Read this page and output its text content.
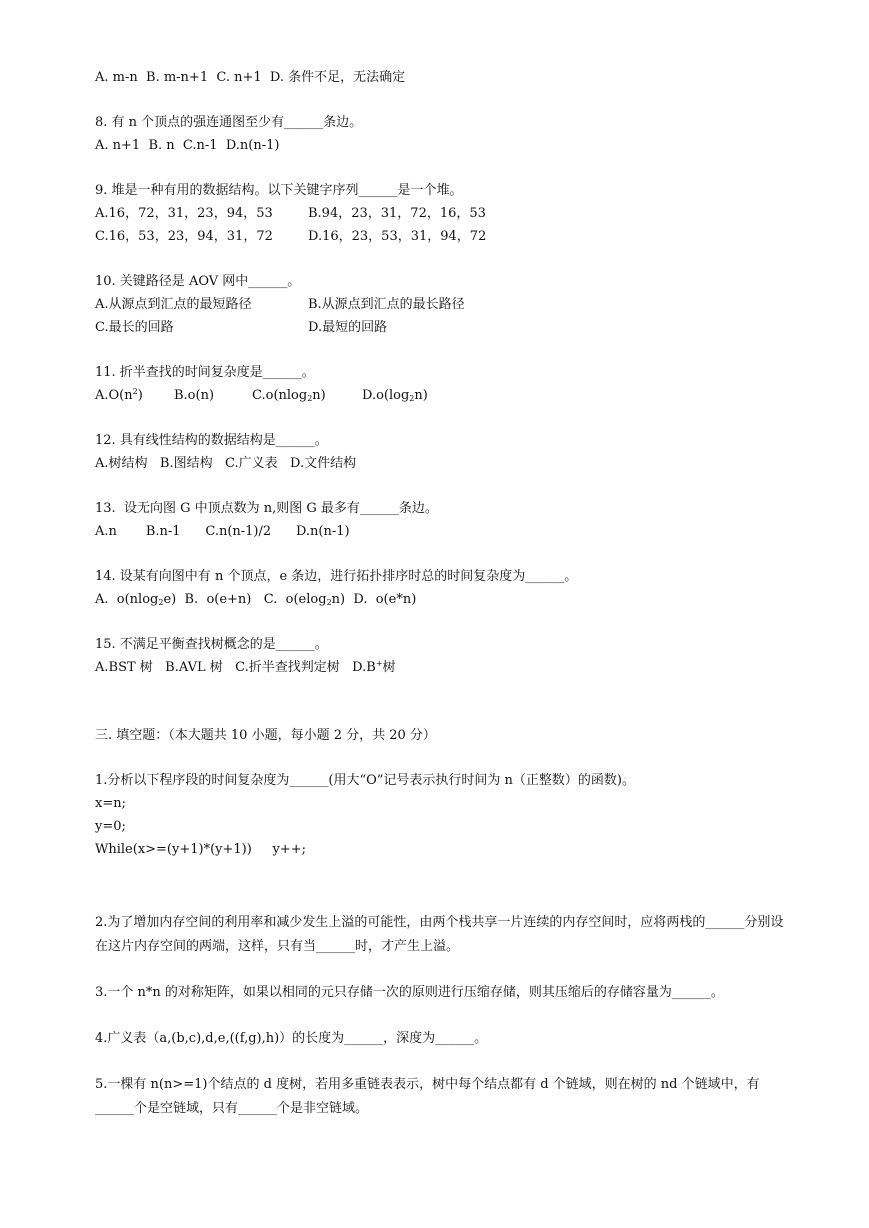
A. m-n  B. m-n+1  C. n+1  D. 条件不足，无法确定
8. 有 n 个顶点的强连通图至少有______条边。
A. n+1  B. n  C.n-1  D.n(n-1)
9. 堆是一种有用的数据结构。以下关键字序列______是一个堆。
A.16，72，31，23，94，53	B.94，23，31，72，16，53
C.16，53，23，94，31，72	D.16，23，53，31，94，72
10. 关键路径是 AOV 网中______。
A.从源点到汇点的最短路径	B.从源点到汇点的最长路径
C.最长的回路	D.最短的回路
11. 折半查找的时间复杂度是______。
$A.O(n^2)$ B.o(n)	C.o(nlog$_2$n)	$D.o(\log_2n)$
12. 具有线性结构的数据结构是______。
A.树结构   B.图结构   C.广义表   D.文件结构
13.  设无向图 G 中顶点数为 n,则图 G 最多有______条边。
A.n       B.n-1      C.n(n-1)/2      D.n(n-1)
14. 设某有向图中有 n 个顶点，e 条边，进行拓扑排序时总的时间复杂度为______。
A.  o(nlog$_2$e)  B.  o(e+n)   C.  o(elog$_2$n)  D.  o(e*n)
15. 不满足平衡查找树概念的是______。
A.BST 树   B.AVL 树   C.折半查找判定树   D.B+树
三. 填空题：（本大题共 10 小题，每小题 2 分，共 20 分）
1.分析以下程序段的时间复杂度为______(用大“O”记号表示执行时间为 n（正整数）的函数)。
x=n;
y=0;
While(x>=(y+1)*(y+1))     y++;
2.为了增加内存空间的利用率和减少发生上溢的可能性，由两个栈共享一片连续的内存空间时，应将两栈的______分别设在这片内存空间的两端，这样，只有当______时，才产生上溢。
3.一个 n*n 的对称矩阵，如果以相同的元只存储一次的原则进行压缩存储，则其压缩后的存储容量为______。
4.广义表（a,(b,c),d,e,((f,g),h)）的长度为______，深度为______。
5.一棵有 n(n>=1)个结点的 d 度树，若用多重链表表示，树中每个结点都有 d 个链域，则在树的 nd 个链域中，有______个是空链域，只有______个是非空链域。
